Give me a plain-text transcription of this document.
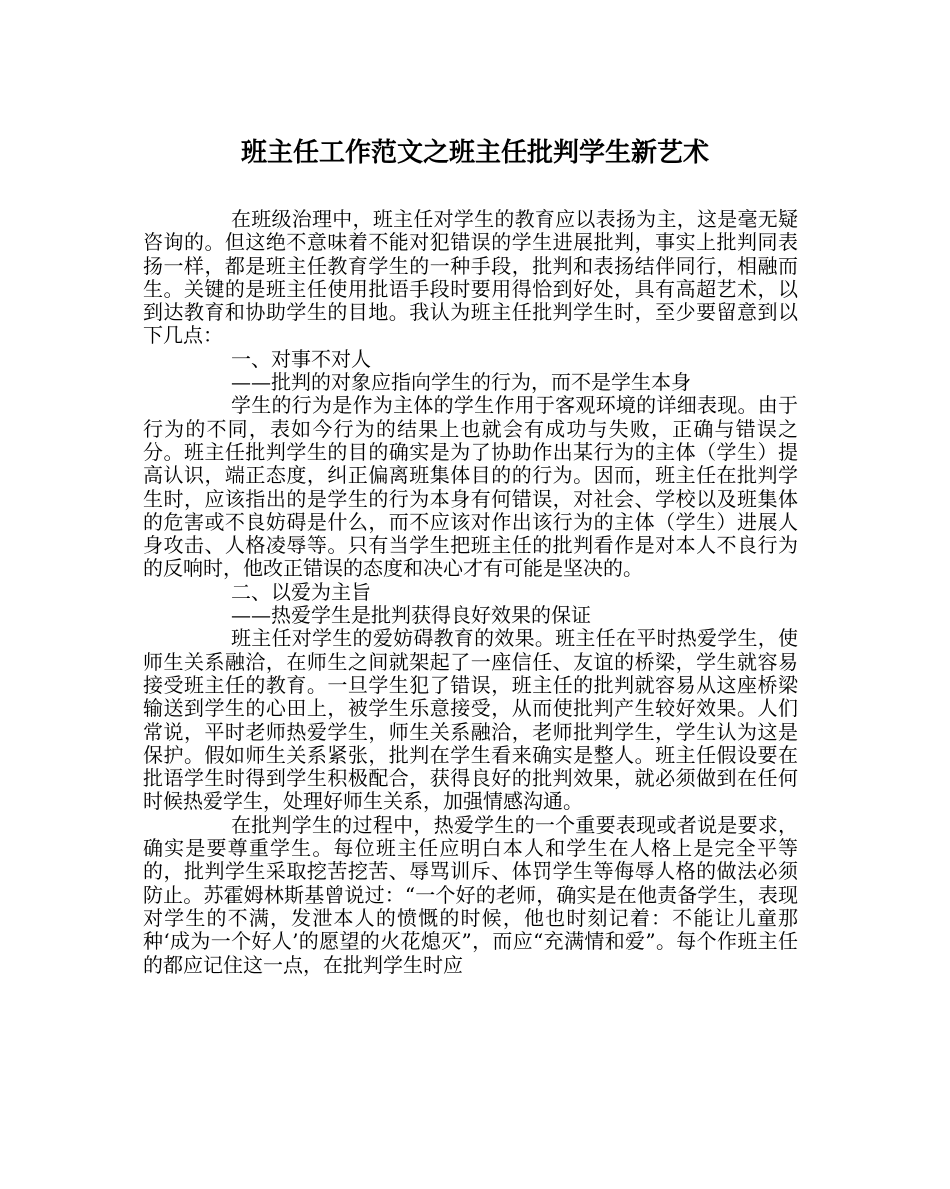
班主任工作范文之班主任批判学生新艺术

在班级治理中，班主任对学生的教育应以表扬为主，这是毫无疑咨询的。但这绝不意味着不能对犯错误的学生进展批判，事实上批判同表扬一样，都是班主任教育学生的一种手段，批判和表扬结伴同行，相融而生。关键的是班主任使用批语手段时要用得恰到好处，具有高超艺术，以到达教育和协助学生的目地。我认为班主任批判学生时，至少要留意到以下几点：

一、对事不对人

——批判的对象应指向学生的行为，而不是学生本身

学生的行为是作为主体的学生作用于客观环境的详细表现。由于行为的不同，表如今行为的结果上也就会有成功与失败，正确与错误之分。班主任批判学生的目的确实是为了协助作出某行为的主体（学生）提高认识，端正态度，纠正偏离班集体目的的行为。因而，班主任在批判学生时，应该指出的是学生的行为本身有何错误，对社会、学校以及班集体的危害或不良妨碍是什么，而不应该对作出该行为的主体（学生）进展人身攻击、人格凌辱等。只有当学生把班主任的批判看作是对本人不良行为的反响时，他改正错误的态度和决心才有可能是坚决的。

二、以爱为主旨

——热爱学生是批判获得良好效果的保证

班主任对学生的爱妨碍教育的效果。班主任在平时热爱学生，使师生关系融洽，在师生之间就架起了一座信任、友谊的桥梁，学生就容易接受班主任的教育。一旦学生犯了错误，班主任的批判就容易从这座桥梁输送到学生的心田上，被学生乐意接受，从而使批判产生较好效果。人们常说，平时老师热爱学生，师生关系融洽，老师批判学生，学生认为这是保护。假如师生关系紧张，批判在学生看来确实是整人。班主任假设要在批语学生时得到学生积极配合，获得良好的批判效果，就必须做到在任何时候热爱学生，处理好师生关系，加强情感沟通。

在批判学生的过程中，热爱学生的一个重要表现或者说是要求，确实是要尊重学生。每位班主任应明白本人和学生在人格上是完全平等的，批判学生采取挖苦挖苦、辱骂训斥、体罚学生等侮辱人格的做法必须防止。苏霍姆林斯基曾说过：“一个好的老师，确实是在他责备学生，表现对学生的不满，发泄本人的愤慨的时候，他也时刻记着：不能让儿童那种‘成为一个好人’的愿望的火花熄灭”，而应“充满情和爱”。每个作班主任的都应记住这一点，在批判学生时应
